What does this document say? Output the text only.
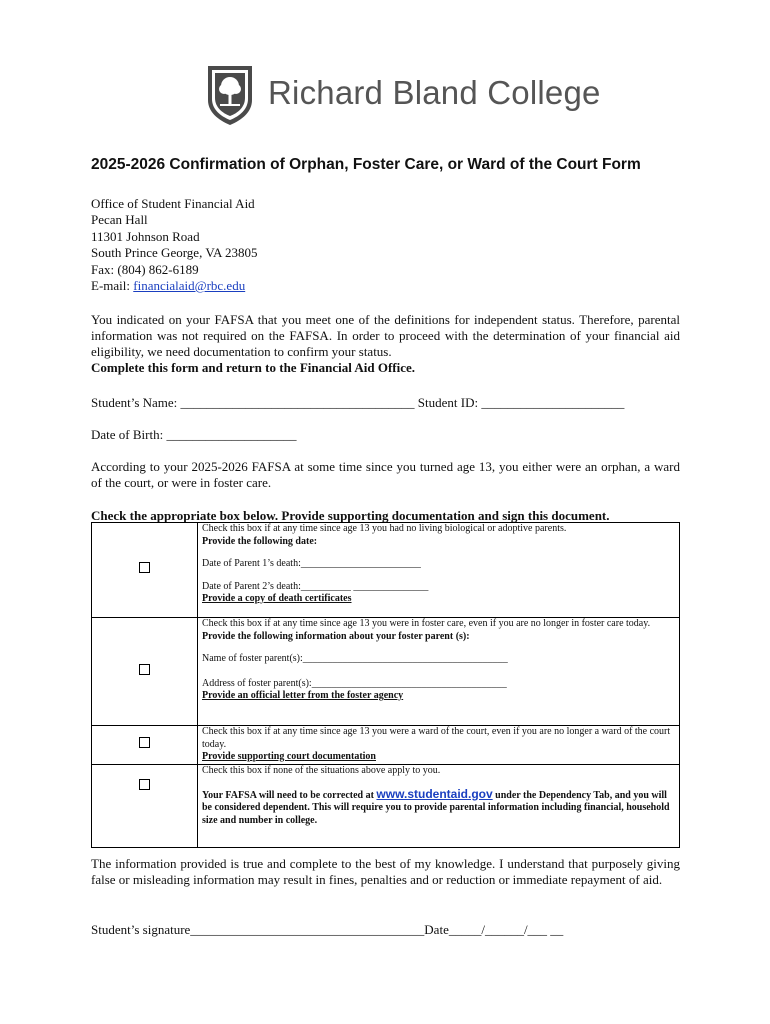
Richard Bland College
2025-2026 Confirmation of Orphan, Foster Care, or Ward of the Court Form
Office of Student Financial Aid
Pecan Hall
11301 Johnson Road
South Prince George, VA 23805
Fax: (804) 862-6189
E-mail: financialaid@rbc.edu
You indicated on your FAFSA that you meet one of the definitions for independent status. Therefore, parental information was not required on the FAFSA. In order to proceed with the determination of your financial aid eligibility, we need documentation to confirm your status.
Complete this form and return to the Financial Aid Office.
Student’s Name: ____________________________________ Student ID: ______________________
Date of Birth: ____________________
According to your 2025-2026 FAFSA at some time since you turned age 13, you either were an orphan, a ward of the court, or were in foster care.
Check the appropriate box below. Provide supporting documentation and sign this document.

	Check this box if at any time since age 13 you had no living biological or adoptive parents.
Provide the following date:
Date of Parent 1’s death:________________________
Date of Parent 2’s death:__________ _______________
Provide a copy of death certificates

	Check this box if at any time since age 13 you were in foster care, even if you are no longer in foster care today.
Provide the following information about your foster parent (s):
Name of foster parent(s):_________________________________________
Address of foster parent(s):_______________________________________
Provide an official letter from the foster agency

	Check this box if at any time since age 13 you were a ward of the court, even if you are no longer a ward of the court today.
Provide supporting court documentation

	Check this box if none of the situations above apply to you.
Your FAFSA will need to be corrected at www.studentaid.gov under the Dependency Tab, and you will be considered dependent. This will require you to provide parental information including financial, household size and number in college.
The information provided is true and complete to the best of my knowledge. I understand that purposely giving false or misleading information may result in fines, penalties and or reduction or immediate repayment of aid.
Student’s signature____________________________________Date_____/______/___ __
